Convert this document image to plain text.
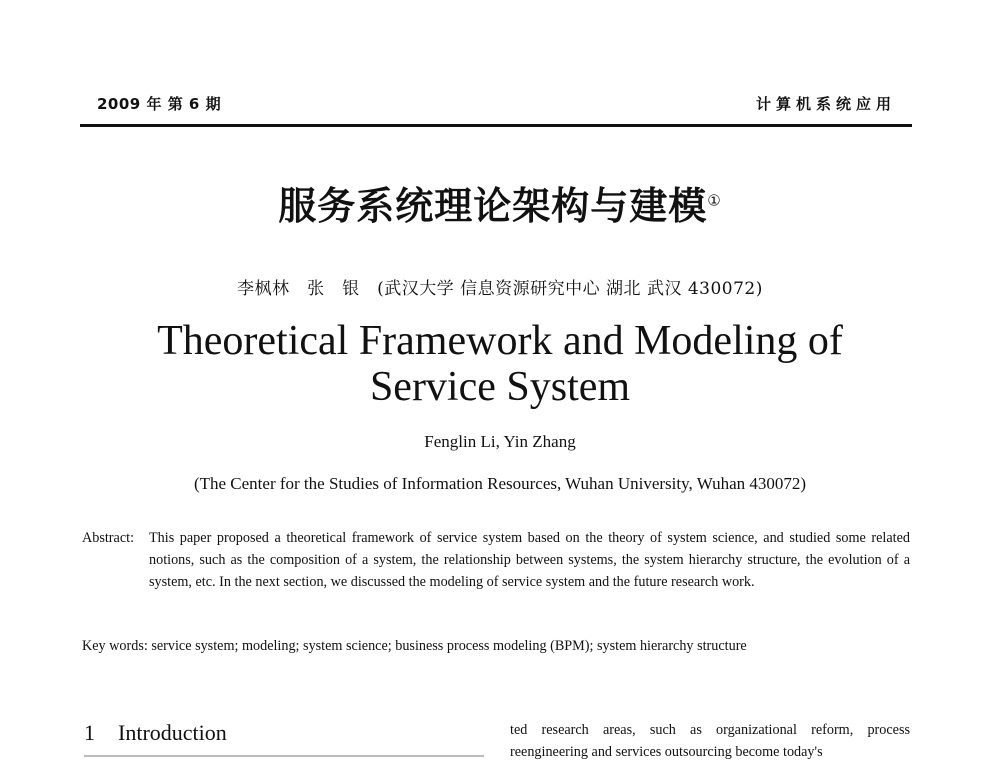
2009 年 第 6 期	计算机系统应用
服务系统理论架构与建模①
李枫林　张　银　(武汉大学 信息资源研究中心 湖北 武汉 430072)
Theoretical Framework and Modeling of
Service System
Fenglin Li, Yin Zhang
(The Center for the Studies of Information Resources, Wuhan University, Wuhan 430072)
Abstract: This paper proposed a theoretical framework of service system based on the theory of system science, and studied some related notions, such as the composition of a system, the relationship between systems, the system hierarchy structure, the evolution of a system, etc. In the next section, we discussed the modeling of service system and the future research work.
Key words: service system; modeling; system science; business process modeling (BPM); system hierarchy structure
1 Introduction	ted research areas, such as organizational reform, process reengineering and services outsourcing become today's
